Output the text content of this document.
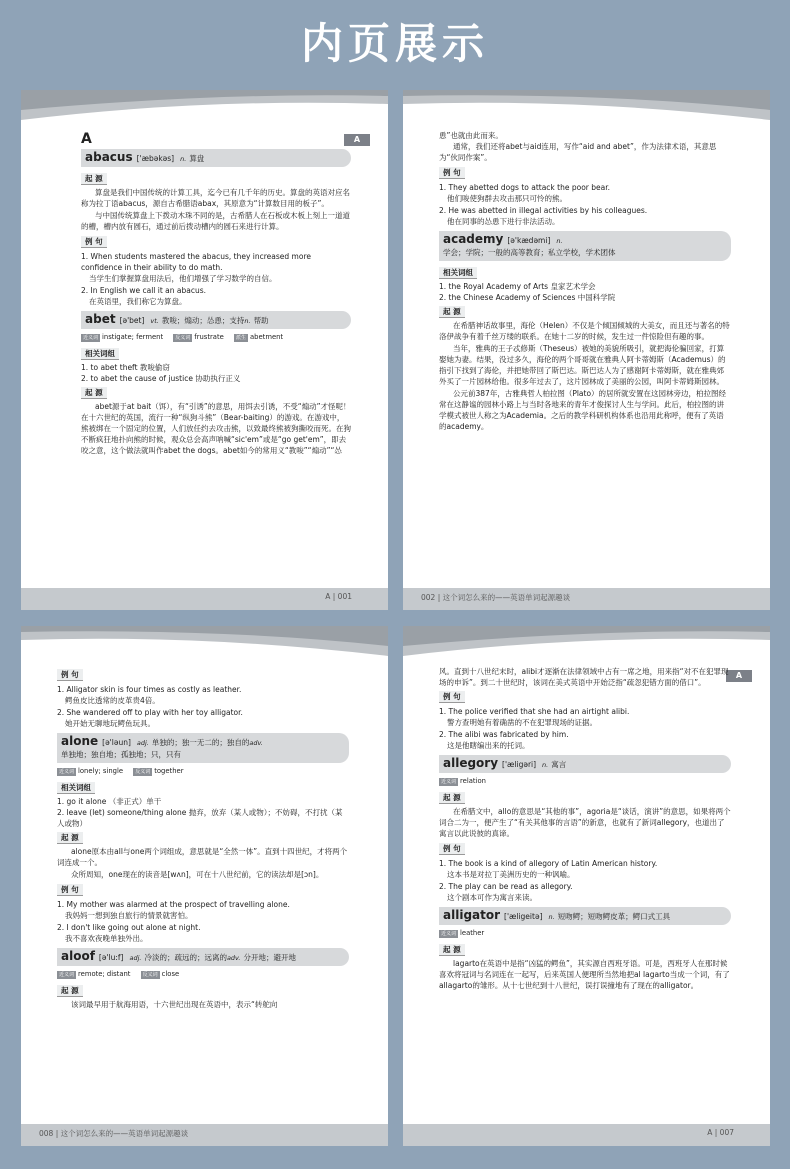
内页展示
A
A
abacus ['æbəkəs] n. 算盘
起 源

算盘是我们中国传统的计算工具，迄今已有几千年的历史。算盘的英语对应名称为拉丁语abacus，源自古希腊语abax，其原意为“计算数目用的板子”。

与中国传统算盘上下拨动木珠不同的是，古希腊人在石板或木板上刻上一道道的槽，槽内放有圆石，通过前后拨动槽内的圆石来进行计算。

例 句
1. When students mastered the abacus, they increased more confidence in their ability to do math.
当学生们掌握算盘用法后，他们增强了学习数学的自信。
2. In English we call it an abacus.
在英语里，我们称它为算盘。
abet [ə'bet] vt. 教唆；煽动；怂恿；支持 n. 帮助
近义词 instigate; ferment 反义词 frustrate 派生 abetment
相关词组
1. to abet theft 教唆偷窃
2. to abet the cause of justice 协助执行正义
起 源

abet源于at bait（饵），有“引诱”的意思，用饵去引诱，不受“煽动”才怪呢！在十六世纪的英国，流行一种“纵狗斗熊”（Bear-baiting）的游戏。在游戏中，熊被绑在一个固定的位置，人们放任约去攻击熊，以致最终熊被狗撕咬而死。在狗不断疯狂地扑向熊的时候，观众总会高声呐喊“sic'em”或是“go get'em”，即去咬之意，这个做法就叫作abet the dogs。abet如今的常用义“教唆”“煽动”“怂

A | 001
恿”也就由此而来。

通常，我们还将abet与aid连用，写作“aid and abet”，作为法律术语，其意思为“伙同作案”。

例 句
1. They abetted dogs to attack the poor bear.
他们唆使狗群去攻击那只可怜的熊。
2. He was abetted in illegal activities by his colleagues.
他在同事的怂恿下进行非法活动。
academy [ə'kædəmi] n.
学会；学院；一般的高等教育；私立学校，学术团体
相关词组
1. the Royal Academy of Arts 皇家艺术学会
2. the Chinese Academy of Sciences 中国科学院
起 源

在希腊神话故事里，海伦（Helen）不仅是个倾国倾城的大美女，而且还与著名的特洛伊战争有着千丝万缕的联系。在她十二岁的时候，发生过一件惊险但有趣的事。

当年，雅典的王子忒修斯（Theseus）被她的美貌所吸引，就把海伦骗回家，打算娶她为妻。结果，没过多久，海伦的两个哥哥就在雅典人阿卡蒂姆斯（Academus）的指引下找到了海伦，并把她带回了斯巴达。斯巴达人为了感谢阿卡蒂姆斯，就在雅典郊外买了一片园林给他。很多年过去了，这片园林成了美丽的公园，叫阿卡蒂姆斯园林。

公元前387年，古雅典哲人柏拉图（Plato）的居所就安置在这园林旁边，柏拉图经常在这静谧的园林小路上与当时各地来的青年才俊探讨人生与学问。此后，柏拉图的讲学模式被世人称之为Academia。之后的教学科研机构体系也沿用此称呼，便有了英语的academy。

002 | 这个词怎么来的——英语单词起源趣谈
例 句
1. Alligator skin is four times as costly as leather.
鳄鱼皮比透常的皮革贵4倍。
2. She wandered off to play with her toy alligator.
她开始无聊地玩鳄鱼玩具。
alone [ə'ləun] adj. 单独的；独一无二的；独自的 adv.
单独地；独自地；孤独地；只，只有
近义词 lonely; single 反义词 together
相关词组
1. go it alone （非正式）单干
2. leave (let) someone/thing alone 抛弃，放弃（某人或物）；不妨碍，不打扰（某人或物）
起 源

alone原本由all与one两个词组成，意思就是“全然一体”。直到十四世纪，才将两个词连成一个。

众所周知，one现在的读音是[wʌn]，可在十八世纪前，它的读法却是[ɔn]。

例 句
1. My mother was alarmed at the prospect of travelling alone.
我妈妈一想到独自旅行的情景就害怕。
2. I don't like going out alone at night.
我不喜欢夜晚单独外出。
aloof [ə'lu:f] adj. 冷淡的；疏远的；远离的 adv. 分开地；避开地
近义词 remote; distant 反义词 close
起 源

该词最早用于航海用语，十六世纪出现在英语中，表示“转舵向

008 | 这个词怎么来的——英语单词起源趣谈
A

风。直到十八世纪末时，alibi才逐渐在法律领域中占有一席之地，用来指“对不在犯罪现场的申诉”。到二十世纪时，该词在美式英语中开始泛指“疏忽犯错方面的借口”。

例 句
1. The police verified that she had an airtight alibi.
警方查明她有着确凿的不在犯罪现场的证据。
2. The alibi was fabricated by him.
这是他瞎编出来的托词。
allegory ['æligəri] n. 寓言
近义词 relation
起 源

在希腊文中，allo的意思是“其他的事”，agoria是“谈话，演讲”的意思，如果将两个词合二为一，便产生了“有关其他事的言语”的新意，也就有了新词allegory，也道出了寓言以此说彼的真谛。

例 句
1. The book is a kind of allegory of Latin American history.
这本书是对拉丁美洲历史的一种讽喻。
2. The play can be read as allegory.
这个剧本可作为寓言来读。
alligator ['æligeitə] n. 短吻鳄；短吻鳄皮革；鳄口式工具
近义词 leather
起 源

lagarto在英语中是指“凶猛的鳄鱼”，其实源自西班牙语。可是，西班牙人在那时候喜欢将冠词与名词连在一起写，后来英国人便理所当然地把al lagarto当成一个词，有了allagarto的雏形。从十七世纪到十八世纪，误打误撞地有了现在的alligator。

A | 007
